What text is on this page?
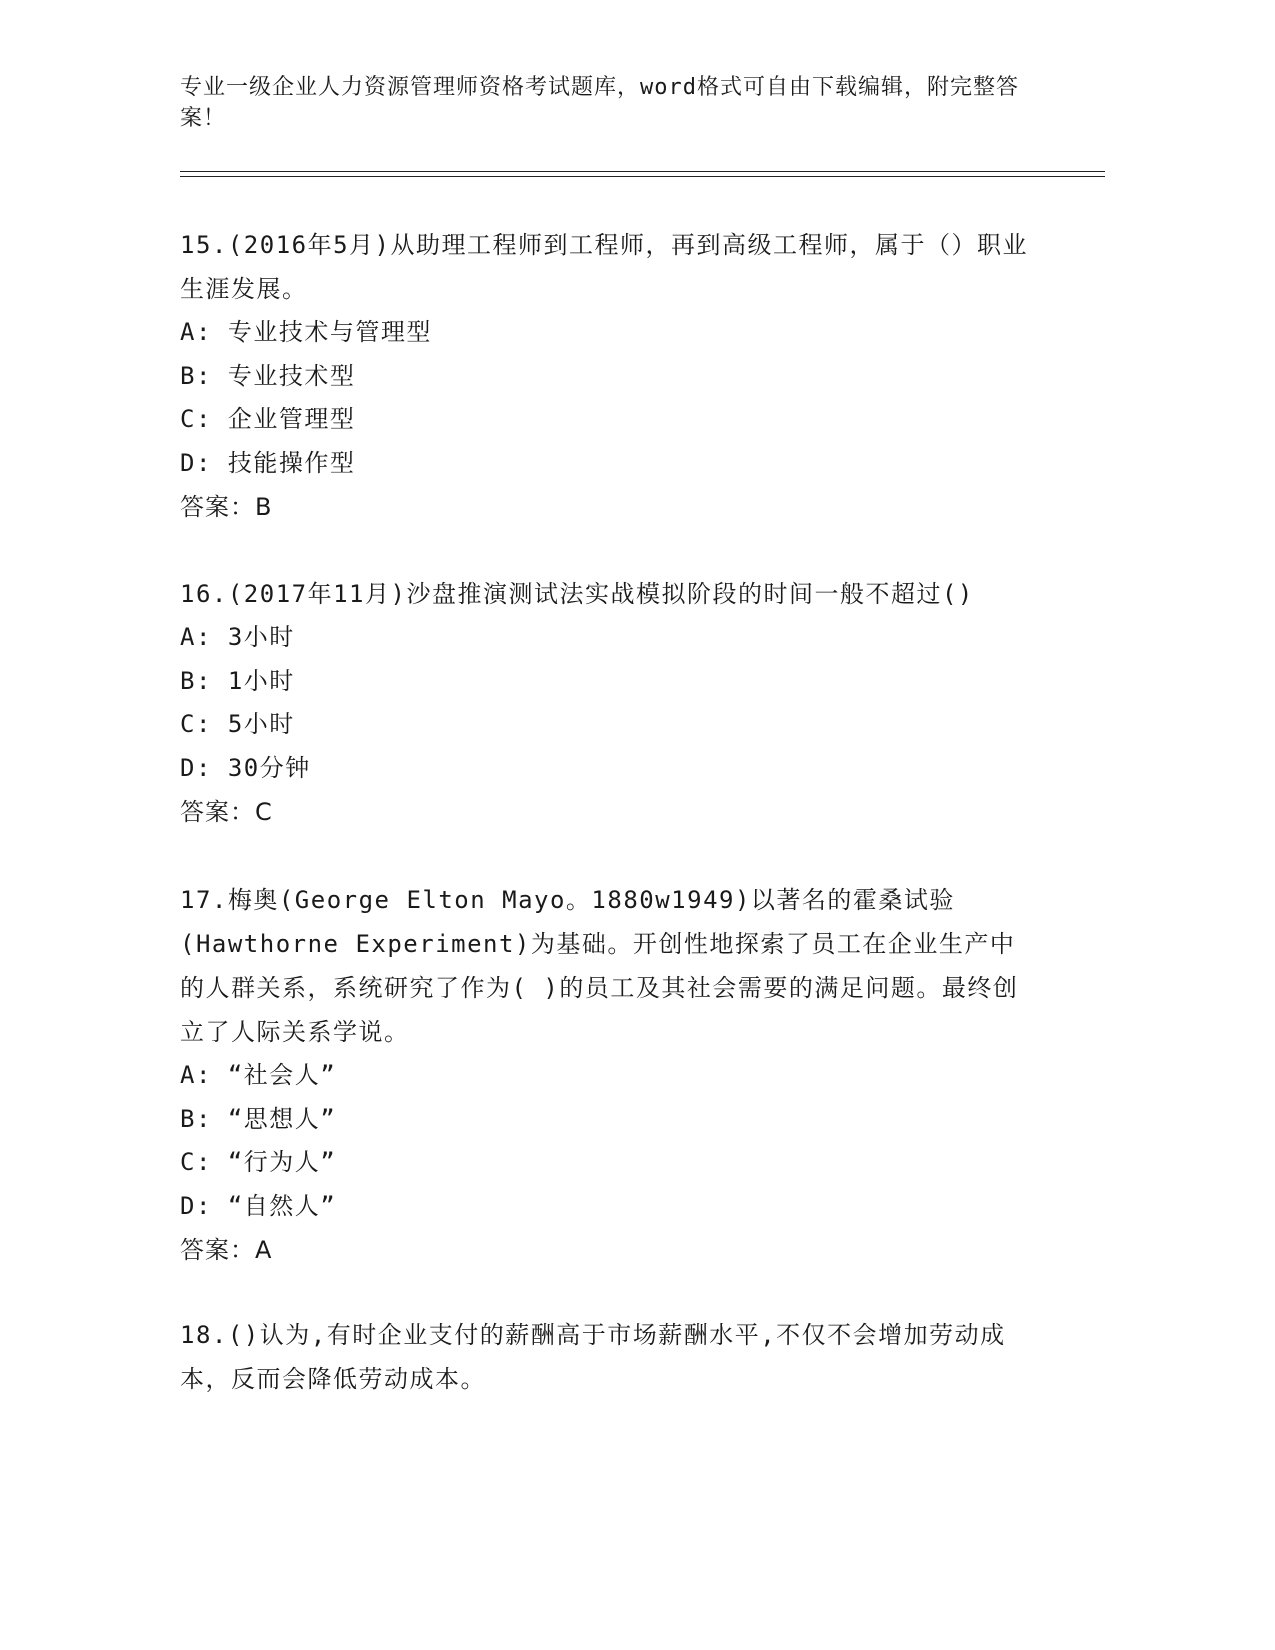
专业一级企业人力资源管理师资格考试题库，word格式可自由下载编辑，附完整答案！
15.(2016年5月)从助理工程师到工程师，再到高级工程师，属于（）职业生涯发展。
A: 专业技术与管理型
B: 专业技术型
C: 企业管理型
D: 技能操作型
答案：B
16.(2017年11月)沙盘推演测试法实战模拟阶段的时间一般不超过()
A: 3小时
B: 1小时
C: 5小时
D: 30分钟
答案：C
17.梅奥(George Elton Mayo。1880w1949)以著名的霍桑试验(Hawthorne Experiment)为基础。开创性地探索了员工在企业生产中的人群关系，系统研究了作为( )的员工及其社会需要的满足问题。最终创立了人际关系学说。
A: “社会人”
B: “思想人”
C: “行为人”
D: “自然人”
答案：A
18.()认为,有时企业支付的薪酬高于市场薪酬水平,不仅不会增加劳动成本，反而会降低劳动成本。
